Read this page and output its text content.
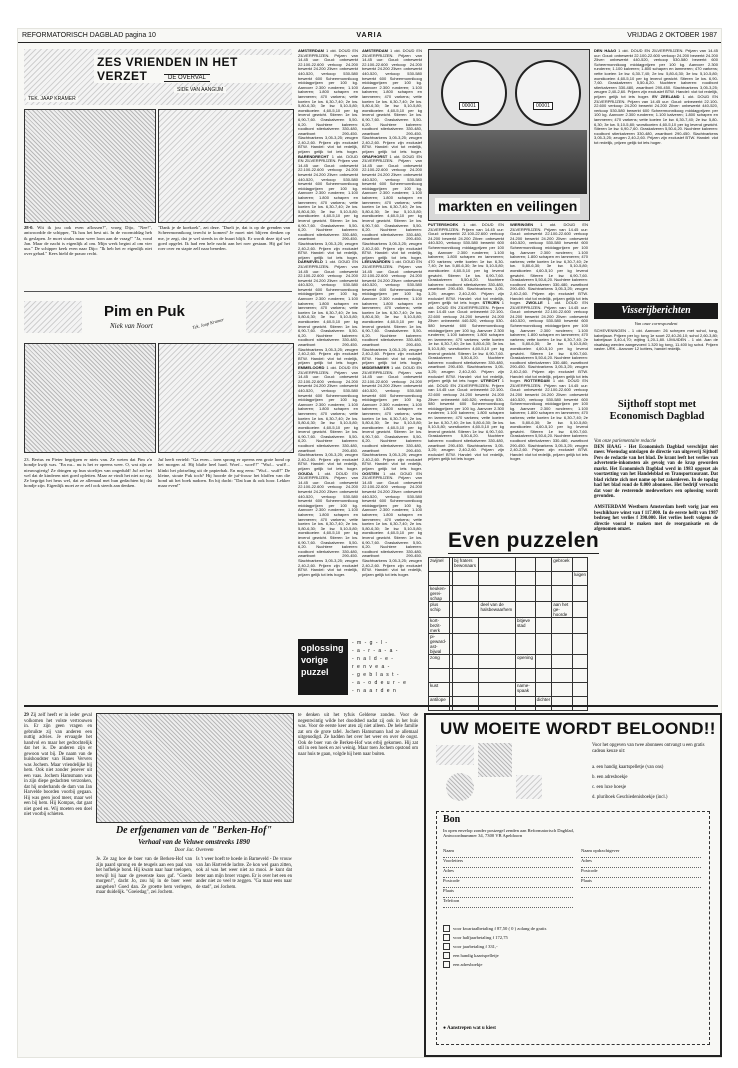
REFORMATORISCH DAGBLAD pagina 10	VARIA	VRIJDAG 2 OKTOBER 1987
ZES VRIENDEN IN HET VERZET	DE OVERVAL
SIDE VAN AANGIJM
TEK. JAAP KRAMER
28-0. Wit ik jou ook even aflossen?", vroeg Dijo, "Nee!", antwoordde de schipper, "Ik hou het best uit. In de voormiddag heb ik geslapen. Je moet straks maar weer loon aan de vraag!" "Ja, vond Jan. Maar de nacht is eigenlijk al om. Mijn werk begint al om vier uur." De schipper keek even naar Dijo: "Ik heb het er eigenlijk niet over gehad." Kees hield de prauw recht.
"Dank je de koekoek", zei deze. "Duelt je, dat is op de grenden van Scheermonnikoog terecht te komen? Je moet niet blijven denken op me, je zegt, dat je wel steeds in de buurt blijft. Er wordt deze tijd wel goed opgelet. Ik had een hele nacht aan het roer gestaan. Hij gaf het roer over en stapte zelf naar beneden.
Pim en Puk
Niek van Noort	Tek. Joop Kramer
23. Bertus en Pieter begrijpen er niets van. Ze weten dat Pim z'n hondje kwijt was. "En nu... nu is het er opeens weer. O, wat zijn ze nieuwsgierig! Ze dringen op hun stoeltjes van ongeduld! Juf zet het wel dat de kinderen niet goed opletten. Maar ze vindt het niet zo erg. Ze begrijpt het heus wel, dat ze allemaal met hun gedachten bij dat hondje zijn. Eigenlijk moet ze er zelf ook steeds aan denken.
Juf heeft verteld: "Ga even... toen sprong er opeens een grote hond op het morgen af. Hij blafte heel hard. Woef... woef!!" "Wuf... wuff!... klinkt het plotseling uit de papierbak. En nog eens: "Wuf... wuff!" De kleine, stoute Puk toch? Hij hoorde de juf-frouw het blaffen van die hond uit het boek nadoen. En hij dacht: "Dat kun ik ook hoor. Lekker maar even!"
AMSTERDAM 1 okt. DOUD EN ZILVERPRIJZEN. Prijzen van 14.45 uur: Goud: onbewerkt 22.100-22.600 verkoop 24.200 bewerkt 24.200 Zilver: onbewerkt 440-520, verkoop 530-580 bewerkt 600 Scheermonnikoog middagprijzen per 100 kg. Aanvoer 2.300 runderen; 1.100 kalveren; 1.800 schapen en lammeren; 470 varkens; vette koeien 1e kw. 6,30-7,40; 2e kw. 5,80-6,30; 3e kw. 5,10-5,80; worstkoeien 4,60-5,10 per kg levend gewicht. Stieren 1e kw. 6,90-7,60. Graskalveren 5,50-6,20. Nuchtere kalveren: roodbont stierkalveren 330-480, zwartbont 290-450. Slachtvarkens 3,05-3,25; zeugen 2,40-2,60. Prijzen zijn exclusief BTW. Handel: vlot tot redelijk, prijzen gelijk tot iets hoger. BARENDRECHT 1 okt. DOUD EN ZILVERPRIJZEN. Prijzen van 14.45 uur: Goud: onbewerkt 22.100-22.600 verkoop 24.200 bewerkt 24.200 Zilver: onbewerkt 440-520, verkoop 530-580 bewerkt 600 Scheermonnikoog middagprijzen per 100 kg. Aanvoer 2.300 runderen; 1.100 kalveren; 1.800 schapen en lammeren; 470 varkens; vette koeien 1e kw. 6,30-7,40; 2e kw. 5,80-6,30; 3e kw. 5,10-5,80; worstkoeien 4,60-5,10 per kg levend gewicht. Stieren 1e kw. 6,90-7,60. Graskalveren 5,50-6,20. Nuchtere kalveren: roodbont stierkalveren 330-480, zwartbont 290-450. Slachtvarkens 3,05-3,25; zeugen 2,40-2,60. Prijzen zijn exclusief BTW. Handel: vlot tot redelijk, prijzen gelijk tot iets hoger. DARNEVELD 1 okt. DOUD EN ZILVERPRIJZEN. Prijzen van 14.45 uur: Goud: onbewerkt 22.100-22.600 verkoop 24.200 bewerkt 24.200 Zilver: onbewerkt 440-520, verkoop 530-580 bewerkt 600 Scheermonnikoog middagprijzen per 100 kg. Aanvoer 2.300 runderen; 1.100 kalveren; 1.800 schapen en lammeren; 470 varkens; vette koeien 1e kw. 6,30-7,40; 2e kw. 5,80-6,30; 3e kw. 5,10-5,80; worstkoeien 4,60-5,10 per kg levend gewicht. Stieren 1e kw. 6,90-7,60. Graskalveren 5,50-6,20. Nuchtere kalveren: roodbont stierkalveren 330-480, zwartbont 290-450. Slachtvarkens 3,05-3,25; zeugen 2,40-2,60. Prijzen zijn exclusief BTW. Handel: vlot tot redelijk, prijzen gelijk tot iets hoger. EMMELOORD 1 okt. DOUD EN ZILVERPRIJZEN. Prijzen van 14.45 uur: Goud: onbewerkt 22.100-22.600 verkoop 24.200 bewerkt 24.200 Zilver: onbewerkt 440-520, verkoop 530-580 bewerkt 600 Scheermonnikoog middagprijzen per 100 kg. Aanvoer 2.300 runderen; 1.100 kalveren; 1.800 schapen en lammeren; 470 varkens; vette koeien 1e kw. 6,30-7,40; 2e kw. 5,80-6,30; 3e kw. 5,10-5,80; worstkoeien 4,60-5,10 per kg levend gewicht. Stieren 1e kw. 6,90-7,60. Graskalveren 5,50-6,20. Nuchtere kalveren: roodbont stierkalveren 330-480, zwartbont 290-450. Slachtvarkens 3,05-3,25; zeugen 2,40-2,60. Prijzen zijn exclusief BTW. Handel: vlot tot redelijk, prijzen gelijk tot iets hoger. GOUDA 1 okt. DOUD EN ZILVERPRIJZEN. Prijzen van 14.45 uur: Goud: onbewerkt 22.100-22.600 verkoop 24.200 bewerkt 24.200 Zilver: onbewerkt 440-520, verkoop 530-580 bewerkt 600 Scheermonnikoog middagprijzen per 100 kg. Aanvoer 2.300 runderen; 1.100 kalveren; 1.800 schapen en lammeren; 470 varkens; vette koeien 1e kw. 6,30-7,40; 2e kw. 5,80-6,30; 3e kw. 5,10-5,80; worstkoeien 4,60-5,10 per kg levend gewicht. Stieren 1e kw. 6,90-7,60. Graskalveren 5,50-6,20. Nuchtere kalveren: roodbont stierkalveren 330-480, zwartbont 290-450. Slachtvarkens 3,05-3,25; zeugen 2,40-2,60. Prijzen zijn exclusief BTW. Handel: vlot tot redelijk, prijzen gelijk tot iets hoger.
AMSTERDAM 1 okt. DOUD EN ZILVERPRIJZEN. Prijzen van 14.45 uur: Goud: onbewerkt 22.100-22.600 verkoop 24.200 bewerkt 24.200 Zilver: onbewerkt 440-520, verkoop 530-580 bewerkt 600 Scheermonnikoog middagprijzen per 100 kg. Aanvoer 2.300 runderen; 1.100 kalveren; 1.800 schapen en lammeren; 470 varkens; vette koeien 1e kw. 6,30-7,40; 2e kw. 5,80-6,30; 3e kw. 5,10-5,80; worstkoeien 4,60-5,10 per kg levend gewicht. Stieren 1e kw. 6,90-7,60. Graskalveren 5,50-6,20. Nuchtere kalveren: roodbont stierkalveren 330-480, zwartbont 290-450. Slachtvarkens 3,05-3,25; zeugen 2,40-2,60. Prijzen zijn exclusief BTW. Handel: vlot tot redelijk, prijzen gelijk tot iets hoger. GRAFHORST 1 okt. DOUD EN ZILVERPRIJZEN. Prijzen van 14.45 uur: Goud: onbewerkt 22.100-22.600 verkoop 24.200 bewerkt 24.200 Zilver: onbewerkt 440-520, verkoop 530-580 bewerkt 600 Scheermonnikoog middagprijzen per 100 kg. Aanvoer 2.300 runderen; 1.100 kalveren; 1.800 schapen en lammeren; 470 varkens; vette koeien 1e kw. 6,30-7,40; 2e kw. 5,80-6,30; 3e kw. 5,10-5,80; worstkoeien 4,60-5,10 per kg levend gewicht. Stieren 1e kw. 6,90-7,60. Graskalveren 5,50-6,20. Nuchtere kalveren: roodbont stierkalveren 330-480, zwartbont 290-450. Slachtvarkens 3,05-3,25; zeugen 2,40-2,60. Prijzen zijn exclusief BTW. Handel: vlot tot redelijk, prijzen gelijk tot iets hoger. LEEUWARDEN 1 okt. DOUD EN ZILVERPRIJZEN. Prijzen van 14.45 uur: Goud: onbewerkt 22.100-22.600 verkoop 24.200 bewerkt 24.200 Zilver: onbewerkt 440-520, verkoop 530-580 bewerkt 600 Scheermonnikoog middagprijzen per 100 kg. Aanvoer 2.300 runderen; 1.100 kalveren; 1.800 schapen en lammeren; 470 varkens; vette koeien 1e kw. 6,30-7,40; 2e kw. 5,80-6,30; 3e kw. 5,10-5,80; worstkoeien 4,60-5,10 per kg levend gewicht. Stieren 1e kw. 6,90-7,60. Graskalveren 5,50-6,20. Nuchtere kalveren: roodbont stierkalveren 330-480, zwartbont 290-450. Slachtvarkens 3,05-3,25; zeugen 2,40-2,60. Prijzen zijn exclusief BTW. Handel: vlot tot redelijk, prijzen gelijk tot iets hoger. MIDDENMEER 1 okt. DOUD EN ZILVERPRIJZEN. Prijzen van 14.45 uur: Goud: onbewerkt 22.100-22.600 verkoop 24.200 bewerkt 24.200 Zilver: onbewerkt 440-520, verkoop 530-580 bewerkt 600 Scheermonnikoog middagprijzen per 100 kg. Aanvoer 2.300 runderen; 1.100 kalveren; 1.800 schapen en lammeren; 470 varkens; vette koeien 1e kw. 6,30-7,40; 2e kw. 5,80-6,30; 3e kw. 5,10-5,80; worstkoeien 4,60-5,10 per kg levend gewicht. Stieren 1e kw. 6,90-7,60. Graskalveren 5,50-6,20. Nuchtere kalveren: roodbont stierkalveren 330-480, zwartbont 290-450. Slachtvarkens 3,05-3,25; zeugen 2,40-2,60. Prijzen zijn exclusief BTW. Handel: vlot tot redelijk, prijzen gelijk tot iets hoger. OOSTEN 1 okt. DOUD EN ZILVERPRIJZEN. Prijzen van 14.45 uur: Goud: onbewerkt 22.100-22.600 verkoop 24.200 bewerkt 24.200 Zilver: onbewerkt 440-520, verkoop 530-580 bewerkt 600 Scheermonnikoog middagprijzen per 100 kg. Aanvoer 2.300 runderen; 1.100 kalveren; 1.800 schapen en lammeren; 470 varkens; vette koeien 1e kw. 6,30-7,40; 2e kw. 5,80-6,30; 3e kw. 5,10-5,80; worstkoeien 4,60-5,10 per kg levend gewicht. Stieren 1e kw. 6,90-7,60. Graskalveren 5,50-6,20. Nuchtere kalveren: roodbont stierkalveren 330-480, zwartbont 290-450. Slachtvarkens 3,05-3,25; zeugen 2,40-2,60. Prijzen zijn exclusief BTW. Handel: vlot tot redelijk, prijzen gelijk tot iets hoger.
00001	00001
markten en veilingen
PUTTERSHOEK 1 okt. DOUD EN ZILVERPRIJZEN. Prijzen van 14.45 uur: Goud: onbewerkt 22.100-22.600 verkoop 24.200 bewerkt 24.200 Zilver: onbewerkt 440-520, verkoop 530-580 bewerkt 600 Scheermonnikoog middagprijzen per 100 kg. Aanvoer 2.300 runderen; 1.100 kalveren; 1.800 schapen en lammeren; 470 varkens; vette koeien 1e kw. 6,30-7,40; 2e kw. 5,80-6,30; 3e kw. 5,10-5,80; worstkoeien 4,60-5,10 per kg levend gewicht. Stieren 1e kw. 6,90-7,60. Graskalveren 5,50-6,20. Nuchtere kalveren: roodbont stierkalveren 330-480, zwartbont 290-450. Slachtvarkens 3,05-3,25; zeugen 2,40-2,60. Prijzen zijn exclusief BTW. Handel: vlot tot redelijk, prijzen gelijk tot iets hoger. STRIJEN 1 okt. DOUD EN ZILVERPRIJZEN. Prijzen van 14.45 uur: Goud: onbewerkt 22.100-22.600 verkoop 24.200 bewerkt 24.200 Zilver: onbewerkt 440-520, verkoop 530-580 bewerkt 600 Scheermonnikoog middagprijzen per 100 kg. Aanvoer 2.300 runderen; 1.100 kalveren; 1.800 schapen en lammeren; 470 varkens; vette koeien 1e kw. 6,30-7,40; 2e kw. 5,80-6,30; 3e kw. 5,10-5,80; worstkoeien 4,60-5,10 per kg levend gewicht. Stieren 1e kw. 6,90-7,60. Graskalveren 5,50-6,20. Nuchtere kalveren: roodbont stierkalveren 330-480, zwartbont 290-450. Slachtvarkens 3,05-3,25; zeugen 2,40-2,60. Prijzen zijn exclusief BTW. Handel: vlot tot redelijk, prijzen gelijk tot iets hoger. UTRECHT 1 okt. DOUD EN ZILVERPRIJZEN. Prijzen van 14.45 uur: Goud: onbewerkt 22.100-22.600 verkoop 24.200 bewerkt 24.200 Zilver: onbewerkt 440-520, verkoop 530-580 bewerkt 600 Scheermonnikoog middagprijzen per 100 kg. Aanvoer 2.300 runderen; 1.100 kalveren; 1.800 schapen en lammeren; 470 varkens; vette koeien 1e kw. 6,30-7,40; 2e kw. 5,80-6,30; 3e kw. 5,10-5,80; worstkoeien 4,60-5,10 per kg levend gewicht. Stieren 1e kw. 6,90-7,60. Graskalveren 5,50-6,20. Nuchtere kalveren: roodbont stierkalveren 330-480, zwartbont 290-450. Slachtvarkens 3,05-3,25; zeugen 2,40-2,60. Prijzen zijn exclusief BTW. Handel: vlot tot redelijk, prijzen gelijk tot iets hoger.
WIERINGEN 1 okt. DOUD EN ZILVERPRIJZEN. Prijzen van 14.45 uur: Goud: onbewerkt 22.100-22.600 verkoop 24.200 bewerkt 24.200 Zilver: onbewerkt 440-520, verkoop 530-580 bewerkt 600 Scheermonnikoog middagprijzen per 100 kg. Aanvoer 2.300 runderen; 1.100 kalveren; 1.800 schapen en lammeren; 470 varkens; vette koeien 1e kw. 6,30-7,40; 2e kw. 5,80-6,30; 3e kw. 5,10-5,80; worstkoeien 4,60-5,10 per kg levend gewicht. Stieren 1e kw. 6,90-7,60. Graskalveren 5,50-6,20. Nuchtere kalveren: roodbont stierkalveren 330-480, zwartbont 290-450. Slachtvarkens 3,05-3,25; zeugen 2,40-2,60. Prijzen zijn exclusief BTW. Handel: vlot tot redelijk, prijzen gelijk tot iets hoger. ZWOLLE 1 okt. DOUD EN ZILVERPRIJZEN. Prijzen van 14.45 uur: Goud: onbewerkt 22.100-22.600 verkoop 24.200 bewerkt 24.200 Zilver: onbewerkt 440-520, verkoop 530-580 bewerkt 600 Scheermonnikoog middagprijzen per 100 kg. Aanvoer 2.300 runderen; 1.100 kalveren; 1.800 schapen en lammeren; 470 varkens; vette koeien 1e kw. 6,30-7,40; 2e kw. 5,80-6,30; 3e kw. 5,10-5,80; worstkoeien 4,60-5,10 per kg levend gewicht. Stieren 1e kw. 6,90-7,60. Graskalveren 5,50-6,20. Nuchtere kalveren: roodbont stierkalveren 330-480, zwartbont 290-450. Slachtvarkens 3,05-3,25; zeugen 2,40-2,60. Prijzen zijn exclusief BTW. Handel: vlot tot redelijk, prijzen gelijk tot iets hoger. ROTTERDAM 1 okt. DOUD EN ZILVERPRIJZEN. Prijzen van 14.45 uur: Goud: onbewerkt 22.100-22.600 verkoop 24.200 bewerkt 24.200 Zilver: onbewerkt 440-520, verkoop 530-580 bewerkt 600 Scheermonnikoog middagprijzen per 100 kg. Aanvoer 2.300 runderen; 1.100 kalveren; 1.800 schapen en lammeren; 470 varkens; vette koeien 1e kw. 6,30-7,40; 2e kw. 5,80-6,30; 3e kw. 5,10-5,80; worstkoeien 4,60-5,10 per kg levend gewicht. Stieren 1e kw. 6,90-7,60. Graskalveren 5,50-6,20. Nuchtere kalveren: roodbont stierkalveren 330-480, zwartbont 290-450. Slachtvarkens 3,05-3,25; zeugen 2,40-2,60. Prijzen zijn exclusief BTW. Handel: vlot tot redelijk, prijzen gelijk tot iets hoger.
DEN HAAG 1 okt. DOUD EN ZILVERPRIJZEN. Prijzen van 14.45 uur: Goud: onbewerkt 22.100-22.600 verkoop 24.200 bewerkt 24.200 Zilver: onbewerkt 440-520, verkoop 530-580 bewerkt 600 Scheermonnikoog middagprijzen per 100 kg. Aanvoer 2.300 runderen; 1.100 kalveren; 1.800 schapen en lammeren; 470 varkens; vette koeien 1e kw. 6,30-7,40; 2e kw. 5,80-6,30; 3e kw. 5,10-5,80; worstkoeien 4,60-5,10 per kg levend gewicht. Stieren 1e kw. 6,90-7,60. Graskalveren 5,50-6,20. Nuchtere kalveren: roodbont stierkalveren 330-480, zwartbont 290-450. Slachtvarkens 3,05-3,25; zeugen 2,40-2,60. Prijzen zijn exclusief BTW. Handel: vlot tot redelijk, prijzen gelijk tot iets hoger. EV ZEELAND 1 okt. DOUD EN ZILVERPRIJZEN. Prijzen van 14.45 uur: Goud: onbewerkt 22.100-22.600 verkoop 24.200 bewerkt 24.200 Zilver: onbewerkt 440-520, verkoop 530-580 bewerkt 600 Scheermonnikoog middagprijzen per 100 kg. Aanvoer 2.300 runderen; 1.100 kalveren; 1.800 schapen en lammeren; 470 varkens; vette koeien 1e kw. 6,30-7,40; 2e kw. 5,80-6,30; 3e kw. 5,10-5,80; worstkoeien 4,60-5,10 per kg levend gewicht. Stieren 1e kw. 6,90-7,60. Graskalveren 5,50-6,20. Nuchtere kalveren: roodbont stierkalveren 330-480, zwartbont 290-450. Slachtvarkens 3,05-3,25; zeugen 2,40-2,60. Prijzen zijn exclusief BTW. Handel: vlot tot redelijk, prijzen gelijk tot iets hoger.
Visserijberichten
Van onze correspondent
SCHEVENINGEN - 1 okt. Aanvoer: 26 schepen met schol, tong, kabeljauw. Prijzen per kg: tong 1e soort 22,40-26,10; schol 2,60-3,80; kabeljauw 3,40-4,70; wijting 1,20-1,80. IJMUIDEN - 1 okt. Aan de visafslag werden aangevoerd 1.320 kg tong, 11.400 kg schol. Prijzen vaster. URK - Aanvoer 12 kotters, handel redelijk.
Sijthoff stopt met Economisch Dagblad
Van onze parlementaire redactie
DEN HAAG - Het Economisch Dagblad verschijnt niet meer. Woensdag ontslagen de directie van uitgeverij Sijthoff Pers de redactie van het blad. De krant leeft het verlies van advertentie-inkomsten als gevolg van de krap geworden markt. Het Economisch Dagblad werd in 1983 opgezet als voortzetting van het Handelsblad en Transportcourant. Dat blad richtte zich met name op het zakenleven. In de topdag had het blad rond de 8.000 abonnees. Het bedrijf verwacht dat voor de resterende medewerkers een oplossing wordt gevonden.

AMSTERDAM Westborn Amsterdam heeft vorig jaar een beschikbare winst van f 117.000. In de eerste helft van 1987 bedroeg het verlies f 390.000. Het verlies heeft volgens de directie vooral te maken met de reorganisatie en de afgenomen omzet.
Even puzzelen
zwijnel		bij fraters bewonaars				gebroek	
							luigen
keuken-gerei-schap							
plus schip			deel van de halsbewaarhem			aan het ge-hoorde	
kort-bezit-merk				bitjeve stad			
pi-geward-ast-bijwal							
zong				opening			

kust				name-spaak			
antilope					dichter		
oplossing vorige puzzel
- m - g - l -
- a - r - a - a -
- n a l d - e -
r e n v e a -
- g e b l a s t -
- a - o d e u r - e
- n a a r d e n
29 Zij zelf heeft er in ieder geval volkomen het volste vertrouwen in. Er zijn geen vragen en gebruikte zij van anderen een nuttig advies. Je ervaagde het handvol en maar het gedrochtelijk dat het is. De anderen zijn er gewoon wat bij. De naam van de huishoudster van Hanes Ververs was Jochem. Maar vriendelijke bij hem. Ook niet zonder jenever uit een vaas. Jochem Hamsmann was in zijn diepe gedachten verzonken, dat hij onderhands de dam van Jan Harvelde boorden voorbij gegaan. Hij was geen jood meer, maar wel een bij hem. Hij Kompas, dat gaat niet goed en. Wij moeten een doel niet voorbij schieten.
De erfgenamen van de "Berken-Hof"
Verhaal van de Veluwe omstreeks 1890
Door Jac. Overeem
Je. Ze zag hoe de boer van de Berken-Hof van zijn paard sprong en de teugels aan een paal van het hofhekje bond. Hij kwam naar haar toelopen, terwijl hij haar de gewenste kuss gaf. "Goedo morgen!", dacht Jo, zou hij in de boer weer aangehen? Goed dan. Ze groette hem verlegen, maar duidelijk. "Goeiedag", zei Jochem.
Is 't weer hoeft te hoede in Barneveld - De vrouw van Jan Hartvelde lachte. Ze kon wel gaan zitten, ook al was het weer niet zo mooi. Je kunt dat beter aan mijn broer vragen. Er is over het een en ander niet zo veel te zeggen. "Ga maar eens naar de stad", zei Jochem.
te denken uit het tyfuis Gelderse zonden. Voor de negentwintig wilde het doodsbed nadat zij ook in het huis was. Voor de eerste keer aten zij niet alleen. De hele familie zat om de grote tafel. Jochem Hamsmann had ze allemaal uitgenodigd. Ze hadden het over het weer en over de oogst. Ook de boer van de Berken-Hof was erbij gekomen. Hij zat stil in een hoek en zei weinig. Maar toen Jochem opstond om naar huis te gaan, volgde hij hem naar buiten.
UW MOEITE WORDT BELOOND!!
Voor het opgeven van twee abonnees ontvangt u een gratis cadeau keuze uit:
a. een handig kaartspelletje (van ons)
b. een adresboekje
c. een luxe hoesje
d. pluriboek Geschiedenisboekje (incl.)
Bon
In open envelop zonder postzegel zenden aan Reformatorisch Dagblad, Antwoordnummer 34, 7300 VB Apeldoorn
Naam
Voorletters
Adres
Postcode
Plaats
Telefoon
Naam opdrachtgever
Adres
Postcode
Plaats
voor kwartaalbetaling f 87,50 ( 0 ) zolang de gratis
voor halfjaarbetaling f 172,75
voor jaarbetaling f 331,-
een handig kaartspelletje
een adresboekje
● Aanstrepen wat u kiest
